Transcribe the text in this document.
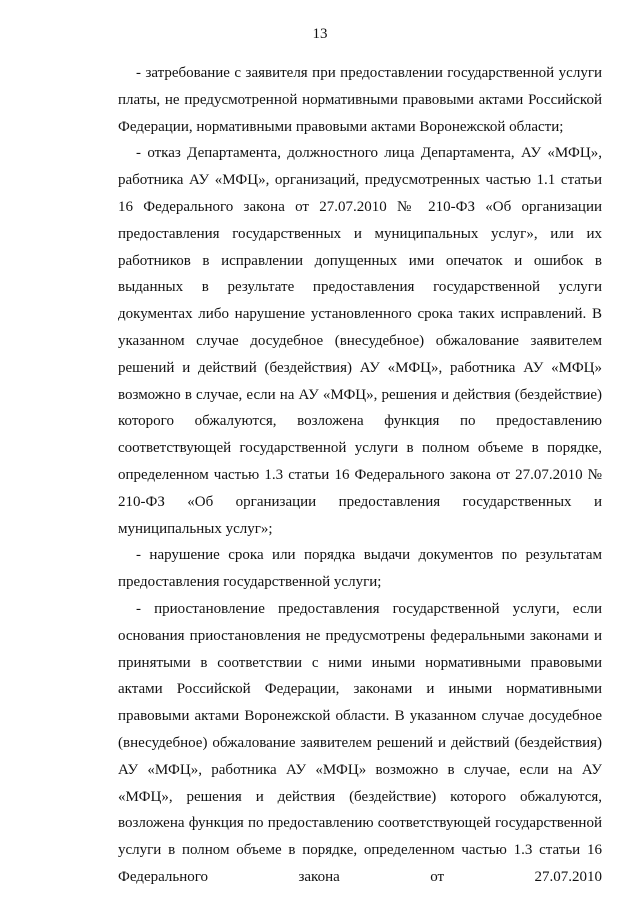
13

- затребование с заявителя при предоставлении государственной услуги платы, не предусмотренной нормативными правовыми актами Российской Федерации, нормативными правовыми актами Воронежской области;

- отказ Департамента, должностного лица Департамента, АУ «МФЦ», работника АУ «МФЦ», организаций, предусмотренных частью 1.1 статьи 16 Федерального закона от 27.07.2010 № 210-ФЗ «Об организации предоставления государственных и муниципальных услуг», или их работников в исправлении допущенных ими опечаток и ошибок в выданных в результате предоставления государственной услуги документах либо нарушение установленного срока таких исправлений. В указанном случае досудебное (внесудебное) обжалование заявителем решений и действий (бездействия) АУ «МФЦ», работника АУ «МФЦ» возможно в случае, если на АУ «МФЦ», решения и действия (бездействие) которого обжалуются, возложена функция по предоставлению соответствующей государственной услуги в полном объеме в порядке, определенном частью 1.3 статьи 16 Федерального закона от 27.07.2010 № 210-ФЗ «Об организации предоставления государственных и муниципальных услуг»;

- нарушение срока или порядка выдачи документов по результатам предоставления государственной услуги;

- приостановление предоставления государственной услуги, если основания приостановления не предусмотрены федеральными законами и принятыми в соответствии с ними иными нормативными правовыми актами Российской Федерации, законами и иными нормативными правовыми актами Воронежской области. В указанном случае досудебное (внесудебное) обжалование заявителем решений и действий (бездействия) АУ «МФЦ», работника АУ «МФЦ» возможно в случае, если на АУ «МФЦ», решения и действия (бездействие) которого обжалуются, возложена функция по предоставлению соответствующей государственной услуги в полном объеме в порядке, определенном частью 1.3 статьи 16 Федерального закона от 27.07.2010
